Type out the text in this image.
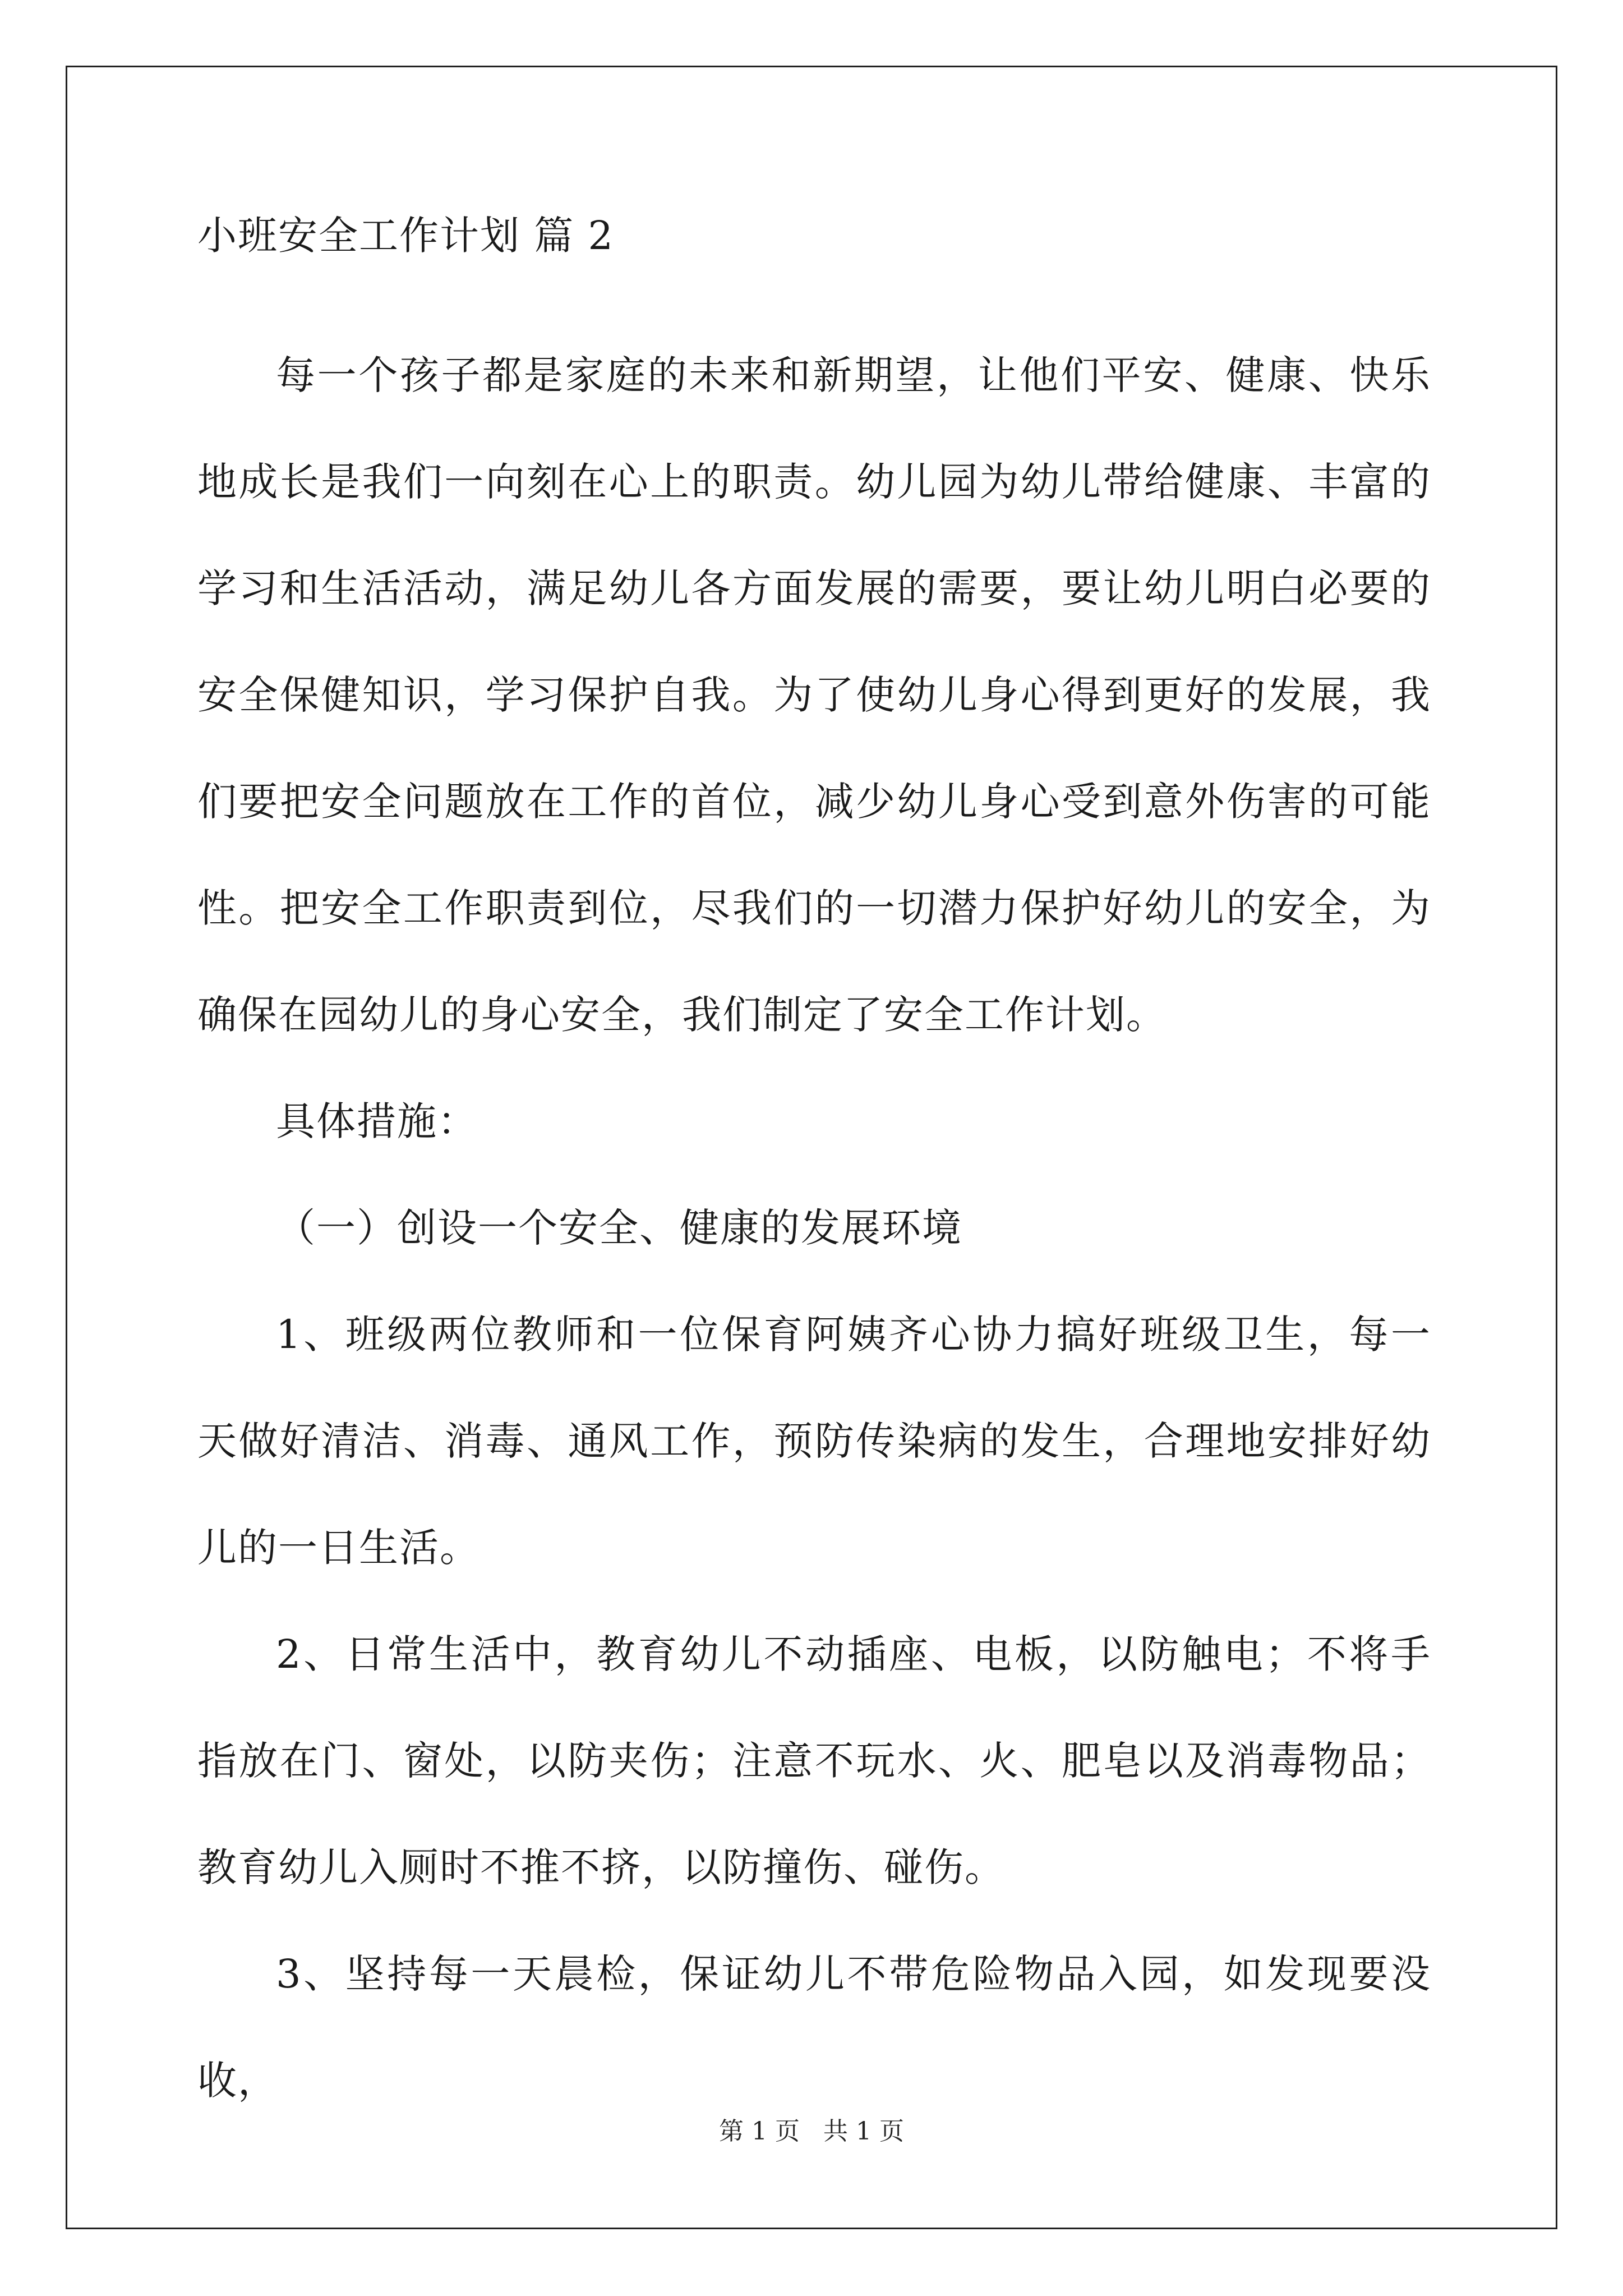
小班安全工作计划 篇 2

每一个孩子都是家庭的未来和新期望，让他们平安、健康、快乐地成长是我们一向刻在心上的职责。幼儿园为幼儿带给健康、丰富的学习和生活活动，满足幼儿各方面发展的需要，要让幼儿明白必要的安全保健知识，学习保护自我。为了使幼儿身心得到更好的发展，我们要把安全问题放在工作的首位，减少幼儿身心受到意外伤害的可能性。把安全工作职责到位，尽我们的一切潜力保护好幼儿的安全，为确保在园幼儿的身心安全，我们制定了安全工作计划。

具体措施：

（一）创设一个安全、健康的发展环境

1、班级两位教师和一位保育阿姨齐心协力搞好班级卫生，每一天做好清洁、消毒、通风工作，预防传染病的发生，合理地安排好幼儿的一日生活。

2、日常生活中，教育幼儿不动插座、电板，以防触电；不将手指放在门、窗处，以防夹伤；注意不玩水、火、肥皂以及消毒物品；教育幼儿入厕时不推不挤，以防撞伤、碰伤。

3、坚持每一天晨检，保证幼儿不带危险物品入园，如发现要没收，

第 1 页 共 1 页
